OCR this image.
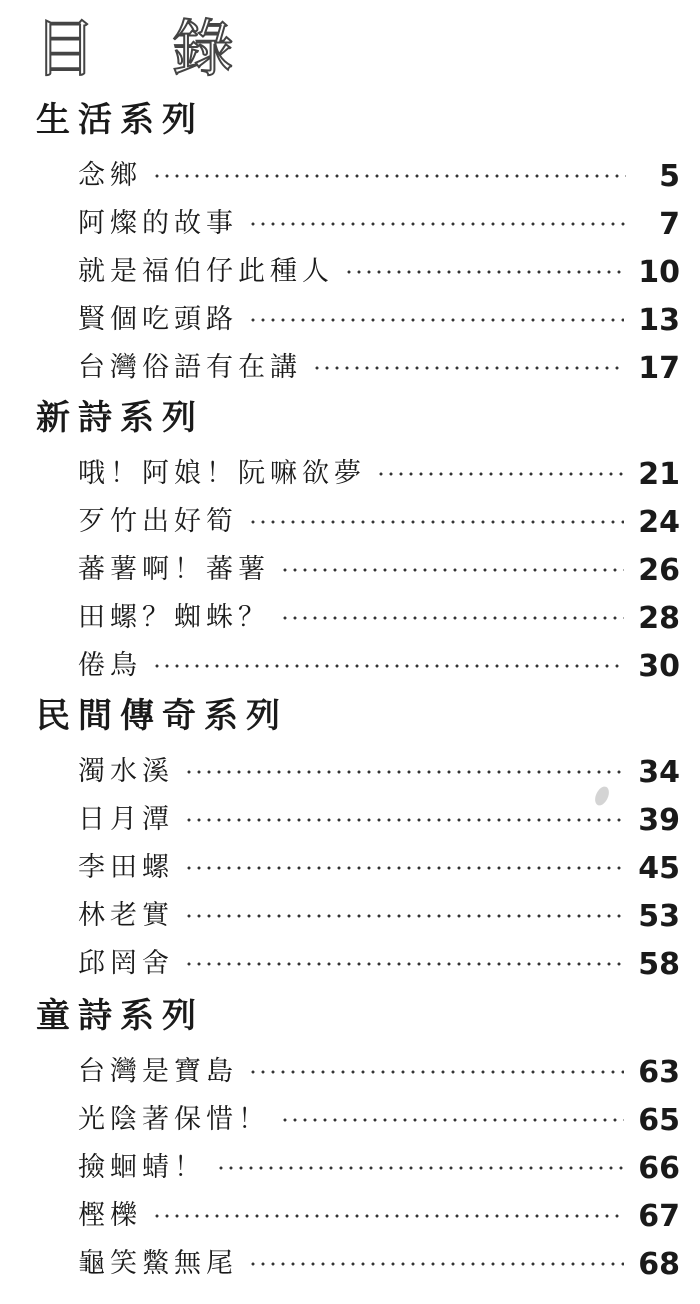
目 錄
生活系列
念鄉	5
阿燦的故事	7
就是福伯仔此種人	10
賢個吃頭路	13
台灣俗語有在講	17
新詩系列
哦！阿娘！阮嘛欲夢	21
歹竹出好筍	24
蕃薯啊！蕃薯	26
田螺？蜘蛛？	28
倦鳥	30
民間傳奇系列
濁水溪	34
日月潭	39
李田螺	45
林老實	53
邱罔舍	58
童詩系列
台灣是寶島	63
光陰著保惜！	65
撿蛔蜻！	66
樫櫟	67
龜笑鱉無尾	68
